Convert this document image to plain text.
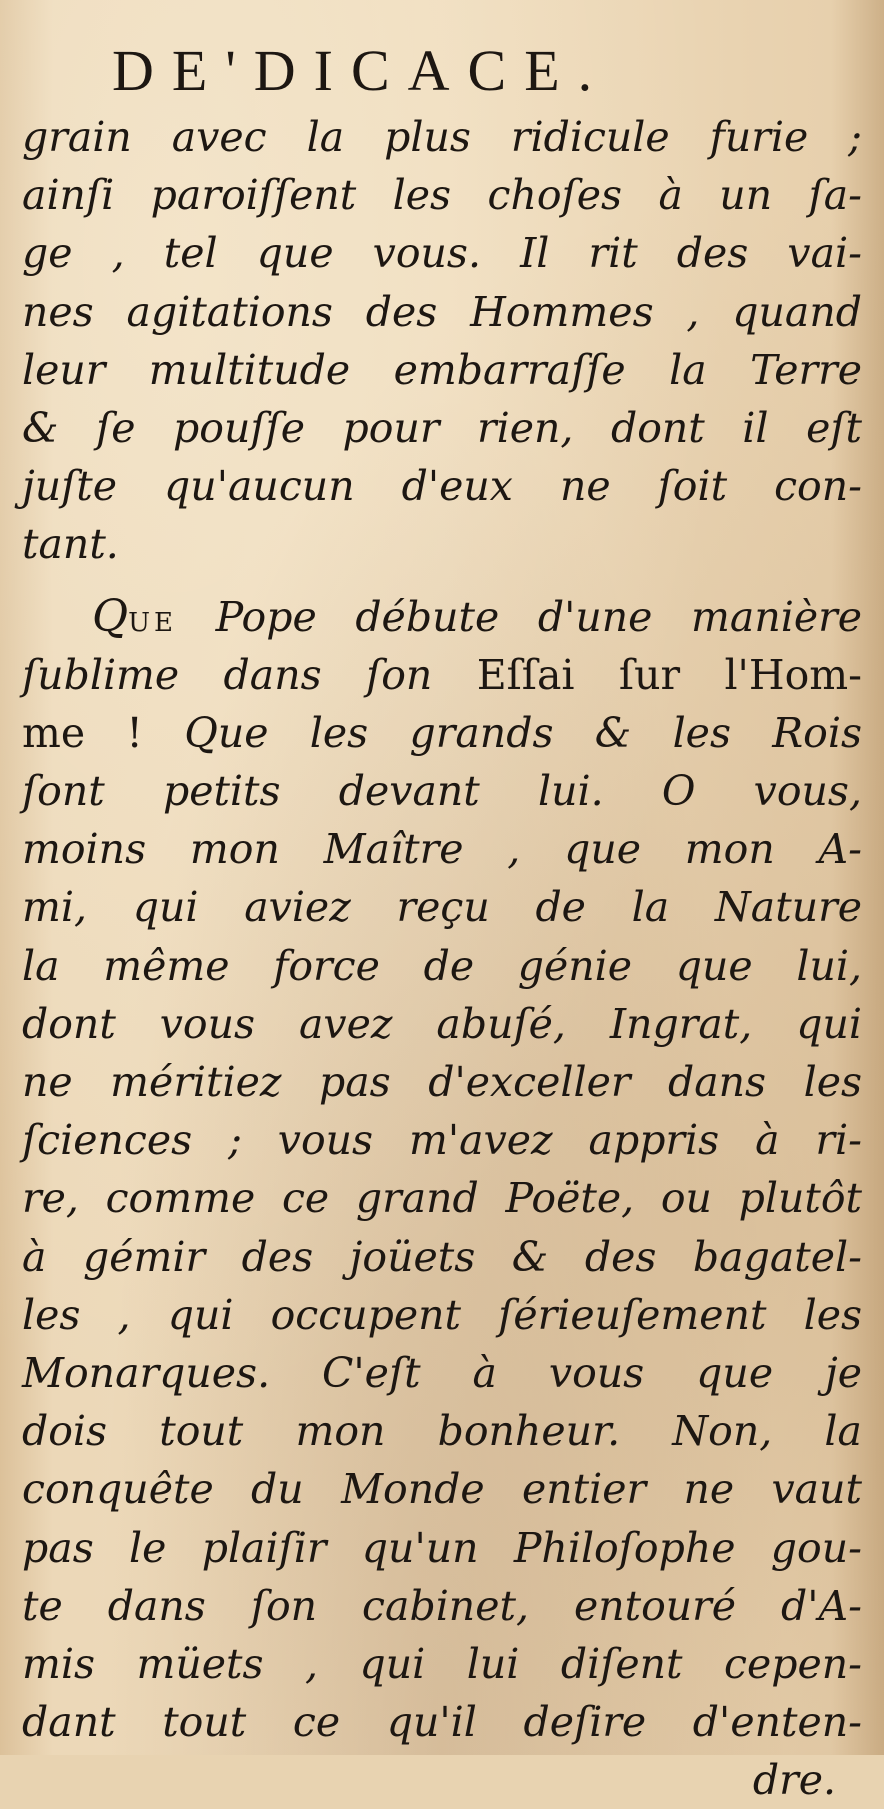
DE'DICACE.
grain avec la plus ridicule furie ;
ainſi paroiſſent les choſes à un ſa-
ge , tel que vous. Il rit des vai-
nes agitations des Hommes , quand
leur multitude embarraſſe la Terre
& ſe pouſſe pour rien, dont il eſt
juſte qu'aucun d'eux ne ſoit con-
tant.
QUE Pope débute d'une manière
ſublime dans ſon Eſſai ſur l'Hom-
me ! Que les grands & les Rois
ſont petits devant lui. O vous,
moins mon Maître , que mon A-
mi, qui aviez reçu de la Nature
la même force de génie que lui,
dont vous avez abuſé, Ingrat, qui
ne méritiez pas d'exceller dans les
ſciences ; vous m'avez appris à ri-
re, comme ce grand Poëte, ou plutôt
à gémir des joüets & des bagatel-
les , qui occupent ſérieuſement les
Monarques. C'eſt à vous que je
dois tout mon bonheur. Non, la
conquête du Monde entier ne vaut
pas le plaiſir qu'un Philoſophe gou-
te dans ſon cabinet, entouré d'A-
mis müets , qui lui diſent cepen-
dant tout ce qu'il deſire d'enten-
dre.
